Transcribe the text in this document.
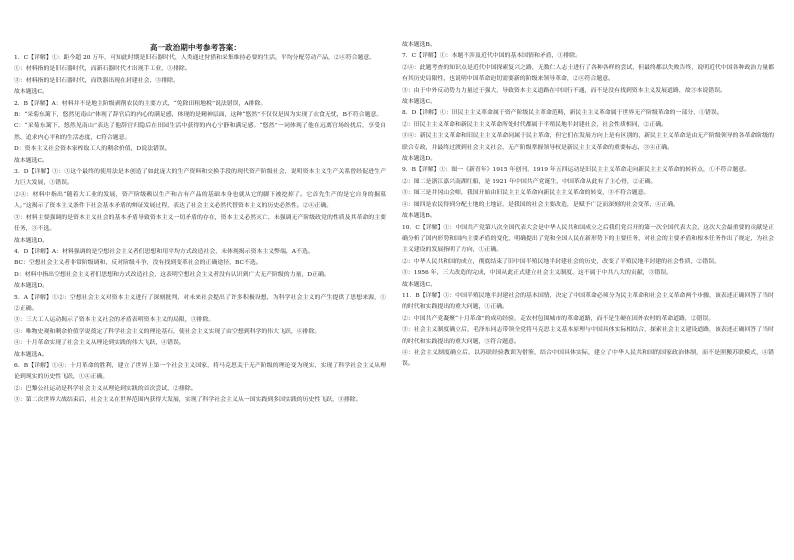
高一政治期中考参考答案：

1．C【详解】①：距今超 20 万年，可知此时期是旧石器时代，人类通过狩猎和采集维持必要的生活，平均分配劳动产品，②④符合题意。

①：材料指的是旧石器时代，而新石器时代才出现手工业，①排除。

③：材料指的是旧石器时代，而铁器出现在封建社会，③排除。

故本题选C。

2．B【详解】A：材料并不是地主阶级剥削农民的主要方式，“免除田租地税”说法错误，A排除。

B：“采菊东篱下，悠然见南山”体现了辞官后的内心的满足感，体现的是精神层面，这种“悠然”不仅仅是因为实现了衣食无忧，B不符合题意。

C：“采菊东篱下，悠然见南山”表达了他辞官归隐后在田园生活中获得的内心宁静和满足感。“悠然”一词体现了他在远离官场纷扰后，享受自然、追求内心平和的生活态度，C符合题意。

D：资本主义社会资本家榨取工人的剩余价值，D说法错误。

故本题选C。

3．D【详解】①：①这个最终的使用法是本创造了如此庞大的生产资料和交换手段的现代资产阶级社会，说明资本主义生产关系曾经促进生产力巨大发展，①错误。

②④：材料中指出“随着大工业的发展，资产阶级赖以生产和占有产品的基础本身也就从它的脚下被挖掉了。它首先生产的是它自身的掘墓人。”这揭示了资本主义条件下社会基本矛盾的辩证发展过程，表达了社会主义必然代替资本主义的历史必然性。②④正确。

③：材料主要强调的是资本主义社会的基本矛盾导致资本主义一切矛盾的存在，资本主义必然灭亡，未强调无产阶级政党的性质及其革命的主要任务，③不选。

故本题选D。

4．D【详解】A：材料强调的是空想社会主义者们思想和用平均方式改造社会，未体现揭示资本主义弊端，A不选。

BC：空想社会主义者非常阶级调和，反对阶级斗争，没有找到变革社会的正确途径，BC不选。

D：材料中指出空想社会主义者们思想和方式改造社会，这表明空想社会主义者没有认识到广大无产阶级的力量，D正确。

故本题选D。

5．A【详解】①②：空想社会主义对资本主义进行了深刻批判，对未来社会提出了许多积极设想，为科学社会主义的产生提供了思想来源，①②正确。

③：三大工人运动揭示了资本主义社会的矛盾表明资本主义的局限，③排除。

④：唯物史观和剩余价值学说奠定了科学社会主义的理论基石，使社会主义实现了由空想到科学的伟大飞跃，④排除。

④：十月革命实现了社会主义从理论到实践的伟大飞跃，④错误。

故本题选A。

6．B【详解】①④：十月革命的胜利，建立了世界上第一个社会主义国家，将马克思关于无产阶级的理论变为现实，实现了科学社会主义从理论到现实的历史性飞跃，①④正确。

②：巴黎公社运动是科学社会主义从理论到实践的首次尝试，②排除。

③：第二次世界大战结束后，社会主义在世界范围内获得大发展，实现了科学社会主义从一国实践到多国实践的历史性飞跃，③排除。

故本题选B。

7．C【详解】①：本题不涉及近代中国的基本国情和矛盾，①排除。

②④：此题考查的知识点是近代中国探索复兴之路，无数仁人志士进行了各种各样的尝试，但最终都以失败告终，说明近代中国各种政治力量都有其历史局限性，也说明中国革命迫切需要新的阶级来领导革命，②④符合题意。

③：由于中外反动势力力量过于强大，导致资本主义道路在中国行不通，而不是没有找到资本主义发展道路，故③本说错误。

故本题选C。

8．D【详解】①：旧民主主义革命属于资产阶级民主革命范畴，新民主主义革命属于世界无产阶级革命的一部分，①错误。

②：旧民主主义革命和新民主主义革命所处时代都属于半殖民地半封建社会，社会性质相同，②正确。

③④：新民主主义革命和旧民主主义革命同属于民主革命，但它们在发展方向上是有区别的，新民主主义革命是由无产阶级领导的各革命阶级的联合专政，并最终过渡到社会主义社会，无产阶级掌握领导权是新民主主义革命的重要标志，③④正确。

故本题选D。

9．B【详解】①：图一《新青年》1915 年创刊，1919 年五四运动是旧民主主义革命走向新民主主义革命的转折点，①不符合题意。

②：图二是浙江嘉兴南湖红船，是 1921 年中国共产党诞生，中国革命从此有了主心骨，②正确。

③：图三是井冈山会师，我国开始由旧民主主义革命向新民主主义革命的转变，③不符合题意。

④：图四是农民得到分配土地的土地证，是我国的社会主要改造，是赋予广泛而深刻的社会变革，④正确。

故本题选B。

10．C【详解】①：中国共产党第八次全国代表大会是中华人民共和国成立之后我们党召开的第一次全国代表大会，这次大会最重要的贡献是正确分析了国内形势和国内主要矛盾的变化，明确提出了党和全国人民在新形势下的主要任务，对社会的主要矛盾和根本任务作出了规定，为社会主义建设的发展指明了方向，①正确。

②：中华人民共和国的成立，彻底结束了旧中国半殖民地半封建社会的历史，改变了半殖民地半封建的社会性质，②错误。

③：1956 年，三大改造的完成，中国从此正式建立社会主义制度，这不属于中共八大的贡献，③错误。

故本题选C。

11．B【详解】①：中国半殖民地半封建社会的基本国情，决定了中国革命必须分为民主革命和社会主义革命两个步骤，该表述正确回答了当时的时代和实践提出的重大问题，①正确。

②：中国共产党凝聚“十月革命”的成功经验，走农村包围城市的革命道路，而不是生硬在国外农村的革命道路，②错误。

③：社会主义制度确立后，毛泽东同志带领全党将马克思主义基本原理与中国具体实际相结合，探索社会主义建设道路，该表述正确回答了当时的时代和实践提出的重大问题，③符合题意。

④：社会主义制度确立后，以苏联经验教训为借鉴，结合中国具体实际，建立了中华人民共和国的国家政治体制，而不是照搬苏联模式，④错误。
